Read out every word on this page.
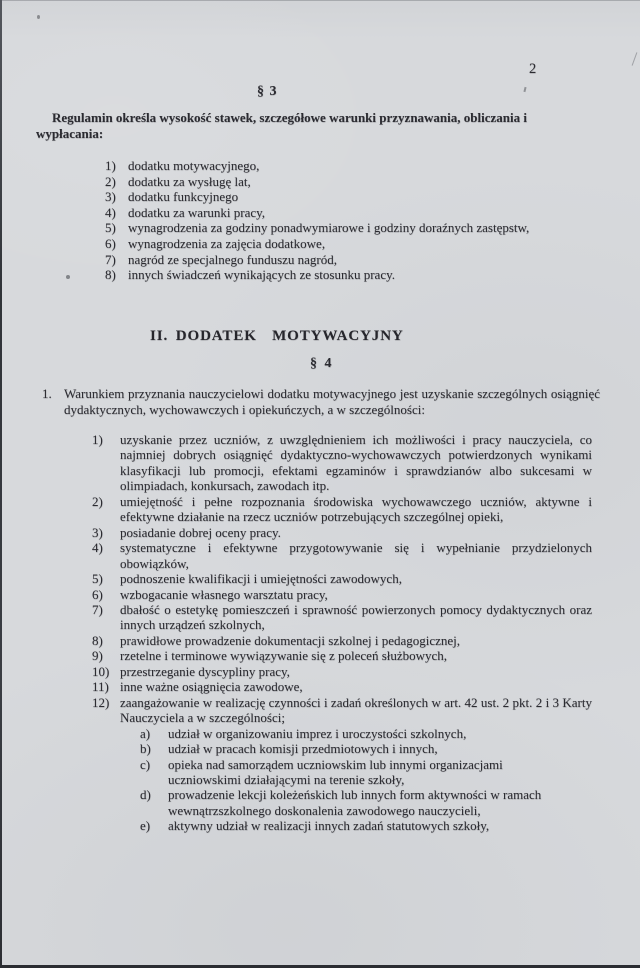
2
§ 3
Regulamin określa wysokość stawek, szczegółowe warunki przyznawania, obliczania i wypłacania:
1) dodatku motywacyjnego,
2) dodatku za wysługę lat,
3) dodatku funkcyjnego
4) dodatku za warunki pracy,
5) wynagrodzenia za godziny ponadwymiarowe i godziny doraźnych zastępstw,
6) wynagrodzenia za zajęcia dodatkowe,
7) nagród ze specjalnego funduszu nagród,
8) innych świadczeń wynikających ze stosunku pracy.
II. DODATEK  MOTYWACYJNY
§ 4
1. Warunkiem przyznania nauczycielowi dodatku motywacyjnego jest uzyskanie szczególnych osiągnięć dydaktycznych, wychowawczych i opiekuńczych, a w szczególności:
1)	uzyskanie przez uczniów, z uwzględnieniem ich możliwości i pracy nauczyciela, co najmniej dobrych osiągnięć dydaktyczno-wychowawczych potwierdzonych wynikami klasyfikacji lub promocji, efektami egzaminów i sprawdzianów albo sukcesami w olimpiadach, konkursach, zawodach itp.
2)	umiejętność i pełne rozpoznania środowiska wychowawczego uczniów, aktywne i efektywne działanie na rzecz uczniów potrzebujących szczególnej opieki,
3)	posiadanie dobrej oceny pracy.
4)	systematyczne i efektywne przygotowywanie się i wypełnianie przydzielonych obowiązków,
5)	podnoszenie kwalifikacji i umiejętności zawodowych,
6)	wzbogacanie własnego warsztatu pracy,
7)	dbałość o estetykę pomieszczeń i sprawność powierzonych pomocy dydaktycznych oraz innych urządzeń szkolnych,
8)	prawidłowe prowadzenie dokumentacji szkolnej i pedagogicznej,
9)	rzetelne i terminowe wywiązywanie się z poleceń służbowych,
10) przestrzeganie dyscypliny pracy,
11) inne ważne osiągnięcia zawodowe,
12) zaangażowanie w realizację czynności i zadań określonych w art. 42 ust. 2 pkt. 2 i 3 Karty Nauczyciela a w szczególności;
a)	udział w organizowaniu imprez i uroczystości szkolnych,
b)	udział w pracach komisji przedmiotowych i innych,
c)	opieka nad samorządem uczniowskim lub innymi organizacjami uczniowskimi działającymi na terenie szkoły,
d)	prowadzenie lekcji koleżeńskich lub innych form aktywności w ramach wewnątrzszkolnego doskonalenia zawodowego nauczycieli,
e)	aktywny udział w realizacji innych zadań statutowych szkoły,
